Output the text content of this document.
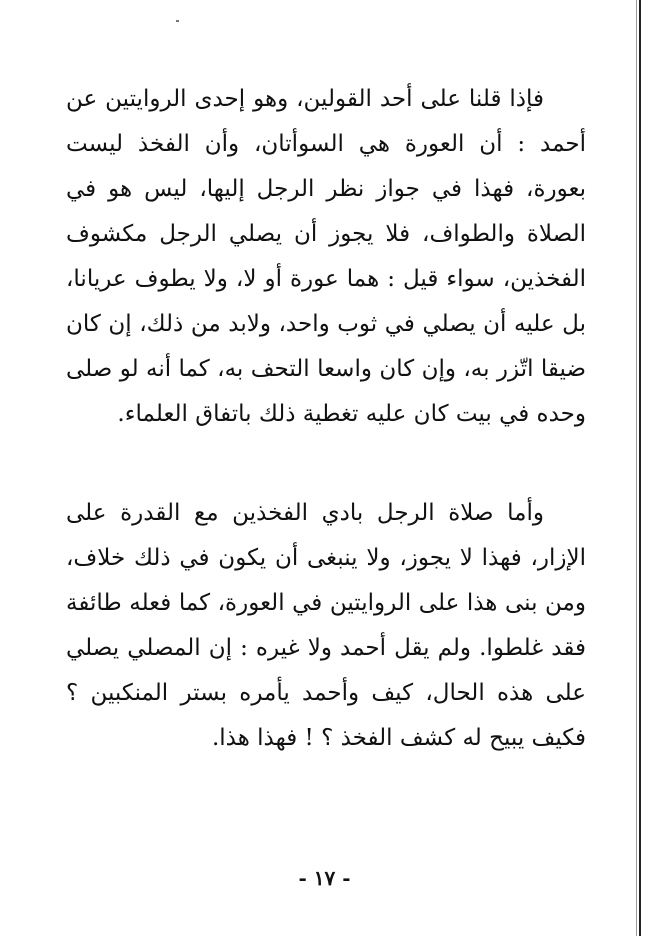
فإذا قلنا على أحد القولين، وهو إحدى الروايتين عن أحمد : أن العورة هي السوأتان، وأن الفخذ ليست بعورة، فهذا في جواز نظر الرجل إليها، ليس هو في الصلاة والطواف، فلا يجوز أن يصلي الرجل مكشوف الفخذين، سواء قيل : هما عورة أو لا، ولا يطوف عريانا، بل عليه أن يصلي في ثوب واحد، ولابد من ذلك، إن كان ضيقا اتّزر به، وإن كان واسعا التحف به، كما أنه لو صلى وحده في بيت كان عليه تغطية ذلك باتفاق العلماء.

وأما صلاة الرجل بادي الفخذين مع القدرة على الإزار، فهذا لا يجوز، ولا ينبغى أن يكون في ذلك خلاف، ومن بنى هذا على الروايتين في العورة، كما فعله طائفة فقد غلطوا. ولم يقل أحمد ولا غيره : إن المصلي يصلي على هذه الحال، كيف وأحمد يأمره بستر المنكبين ؟ فكيف يبيح له كشف الفخذ ؟ ! فهذا هذا.

- ١٧ -
